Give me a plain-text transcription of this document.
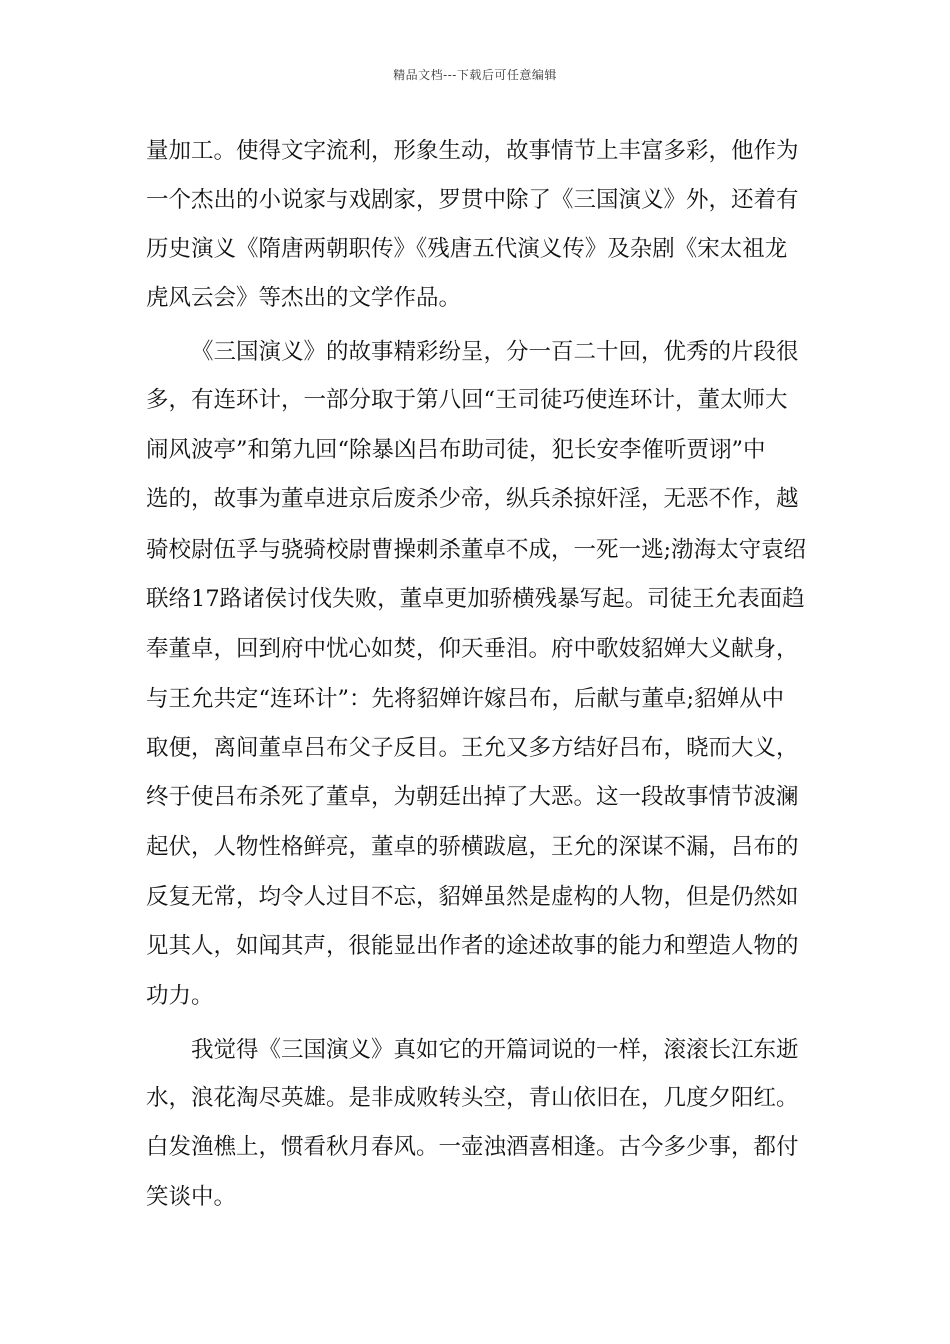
精品文档---下载后可任意编辑
量加工。使得文字流利，形象生动，故事情节上丰富多彩，他作为
一个杰出的小说家与戏剧家，罗贯中除了《三国演义》外，还着有
历史演义《隋唐两朝职传》《残唐五代演义传》及杂剧《宋太祖龙
虎风云会》等杰出的文学作品。
《三国演义》的故事精彩纷呈，分一百二十回，优秀的片段很
多，有连环计，一部分取于第八回“王司徒巧使连环计，董太师大
闹风波亭”和第九回“除暴凶吕布助司徒，犯长安李傕听贾诩”中
选的，故事为董卓进京后废杀少帝，纵兵杀掠奸淫，无恶不作，越
骑校尉伍孚与骁骑校尉曹操刺杀董卓不成，一死一逃;渤海太守袁绍
联络17路诸侯讨伐失败，董卓更加骄横残暴写起。司徒王允表面趋
奉董卓，回到府中忧心如焚，仰天垂泪。府中歌妓貂婵大义献身，
与王允共定“连环计”：先将貂婵许嫁吕布，后献与董卓;貂婵从中
取便，离间董卓吕布父子反目。王允又多方结好吕布，晓而大义，
终于使吕布杀死了董卓，为朝廷出掉了大恶。这一段故事情节波澜
起伏，人物性格鲜亮，董卓的骄横跋扈，王允的深谋不漏，吕布的
反复无常，均令人过目不忘，貂婵虽然是虚构的人物，但是仍然如
见其人，如闻其声，很能显出作者的途述故事的能力和塑造人物的
功力。
我觉得《三国演义》真如它的开篇词说的一样，滚滚长江东逝
水，浪花淘尽英雄。是非成败转头空，青山依旧在，几度夕阳红。
白发渔樵上，惯看秋月春风。一壶浊酒喜相逢。古今多少事，都付
笑谈中。
